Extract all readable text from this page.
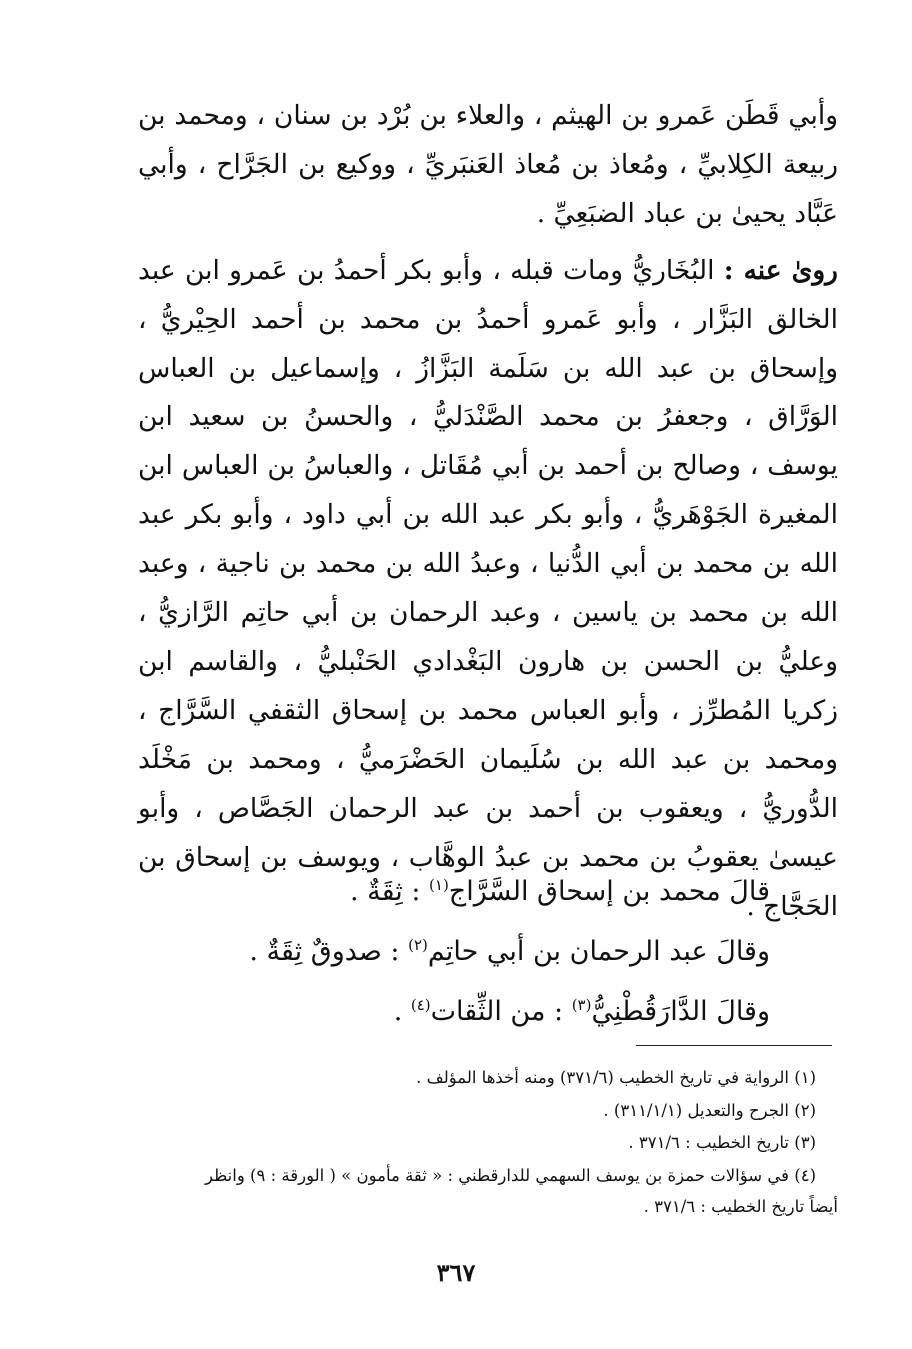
وأبي قَطَن عَمرو بن الهيثم ، والعلاء بن بُرْد بن سنان ، ومحمد بن ربيعة الكِلابيِّ ، ومُعاذ بن مُعاذ العَنبَريِّ ، ووكيع بن الجَرَّاح ، وأبي عَبَّاد يحيىٰ بن عباد الضبَعِيِّ .

روىٰ عنه : البُخَاريُّ ومات قبله ، وأبو بكر أحمدُ بن عَمرو ابن عبد الخالق البَزَّار ، وأبو عَمرو أحمدُ بن محمد بن أحمد الحِيْريُّ ، وإسحاق بن عبد الله بن سَلَمة البَزَّازُ ، وإسماعيل بن العباس الوَرَّاق ، وجعفرُ بن محمد الصَّنْدَليُّ ، والحسنُ بن سعيد ابن يوسف ، وصالح بن أحمد بن أبي مُقَاتل ، والعباسُ بن العباس ابن المغيرة الجَوْهَريُّ ، وأبو بكر عبد الله بن أبي داود ، وأبو بكر عبد الله بن محمد بن أبي الدُّنيا ، وعبدُ الله بن محمد بن ناجية ، وعبد الله بن محمد بن ياسين ، وعبد الرحمان بن أبي حاتِم الرَّازيُّ ، وعليُّ بن الحسن بن هارون البَغْدادي الحَنْبليُّ ، والقاسم ابن زكريا المُطرِّز ، وأبو العباس محمد بن إسحاق الثقفي السَّرَّاج ، ومحمد بن عبد الله بن سُلَيمان الحَضْرَميُّ ، ومحمد بن مَخْلَد الدُّوريُّ ، ويعقوب بن أحمد بن عبد الرحمان الجَصَّاص ، وأبو عيسىٰ يعقوبُ بن محمد بن عبدُ الوهَّاب ، ويوسف بن إسحاق بن الحَجَّاج .

قالَ محمد بن إسحاق السَّرَّاج$^{(١)}$ : ثِقَةٌ .

وقالَ عبد الرحمان بن أبي حاتِم$^{(٢)}$ : صدوقٌ ثِقَةٌ .

وقالَ الدَّارَقُطْنِيُّ$^{(٣)}$ : من الثِّقات$^{(٤)}$ .

(١) الرواية في تاريخ الخطيب (٣٧١/٦) ومنه أخذها المؤلف .

(٢) الجرح والتعديل (٣١١/١/١) .

(٣) تاريخ الخطيب : ٣٧١/٦ .

(٤) في سؤالات حمزة بن يوسف السهمي للدارقطني : « ثقة مأمون » ( الورقة : ٩) وانظر

أيضاً تاريخ الخطيب : ٣٧١/٦ .

٣٦٧
